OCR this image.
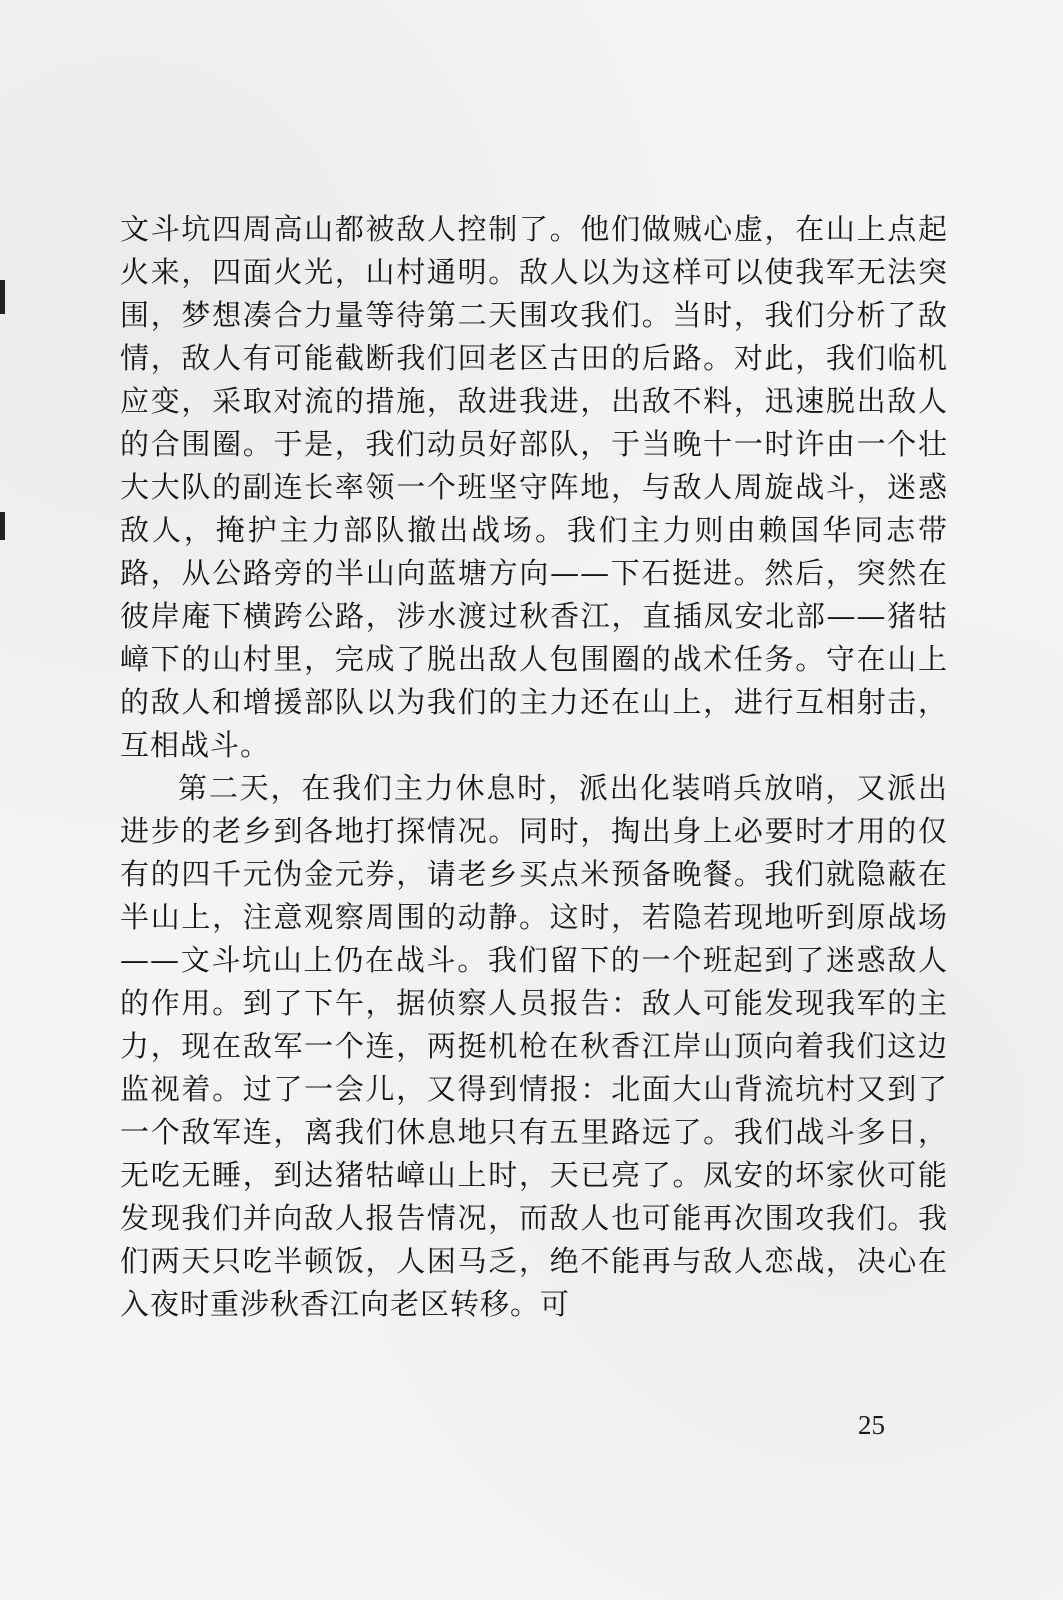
文斗坑四周高山都被敌人控制了。他们做贼心虚，在山上点起火来，四面火光，山村通明。敌人以为这样可以使我军无法突围，梦想凑合力量等待第二天围攻我们。当时，我们分析了敌情，敌人有可能截断我们回老区古田的后路。对此，我们临机应变，采取对流的措施，敌进我进，出敌不料，迅速脱出敌人的合围圈。于是，我们动员好部队，于当晚十一时许由一个壮大大队的副连长率领一个班坚守阵地，与敌人周旋战斗，迷惑敌人，掩护主力部队撤出战场。我们主力则由赖国华同志带路，从公路旁的半山向蓝塘方向——下石挺进。然后，突然在彼岸庵下横跨公路，涉水渡过秋香江，直插凤安北部——猪牯嶂下的山村里，完成了脱出敌人包围圈的战术任务。守在山上的敌人和增援部队以为我们的主力还在山上，进行互相射击，互相战斗。

第二天，在我们主力休息时，派出化装哨兵放哨，又派出进步的老乡到各地打探情况。同时，掏出身上必要时才用的仅有的四千元伪金元券，请老乡买点米预备晚餐。我们就隐蔽在半山上，注意观察周围的动静。这时，若隐若现地听到原战场——文斗坑山上仍在战斗。我们留下的一个班起到了迷惑敌人的作用。到了下午，据侦察人员报告：敌人可能发现我军的主力，现在敌军一个连，两挺机枪在秋香江岸山顶向着我们这边监视着。过了一会儿，又得到情报：北面大山背流坑村又到了一个敌军连，离我们休息地只有五里路远了。我们战斗多日，无吃无睡，到达猪牯嶂山上时，天已亮了。凤安的坏家伙可能发现我们并向敌人报告情况，而敌人也可能再次围攻我们。我们两天只吃半顿饭，人困马乏，绝不能再与敌人恋战，决心在入夜时重涉秋香江向老区转移。可

25
